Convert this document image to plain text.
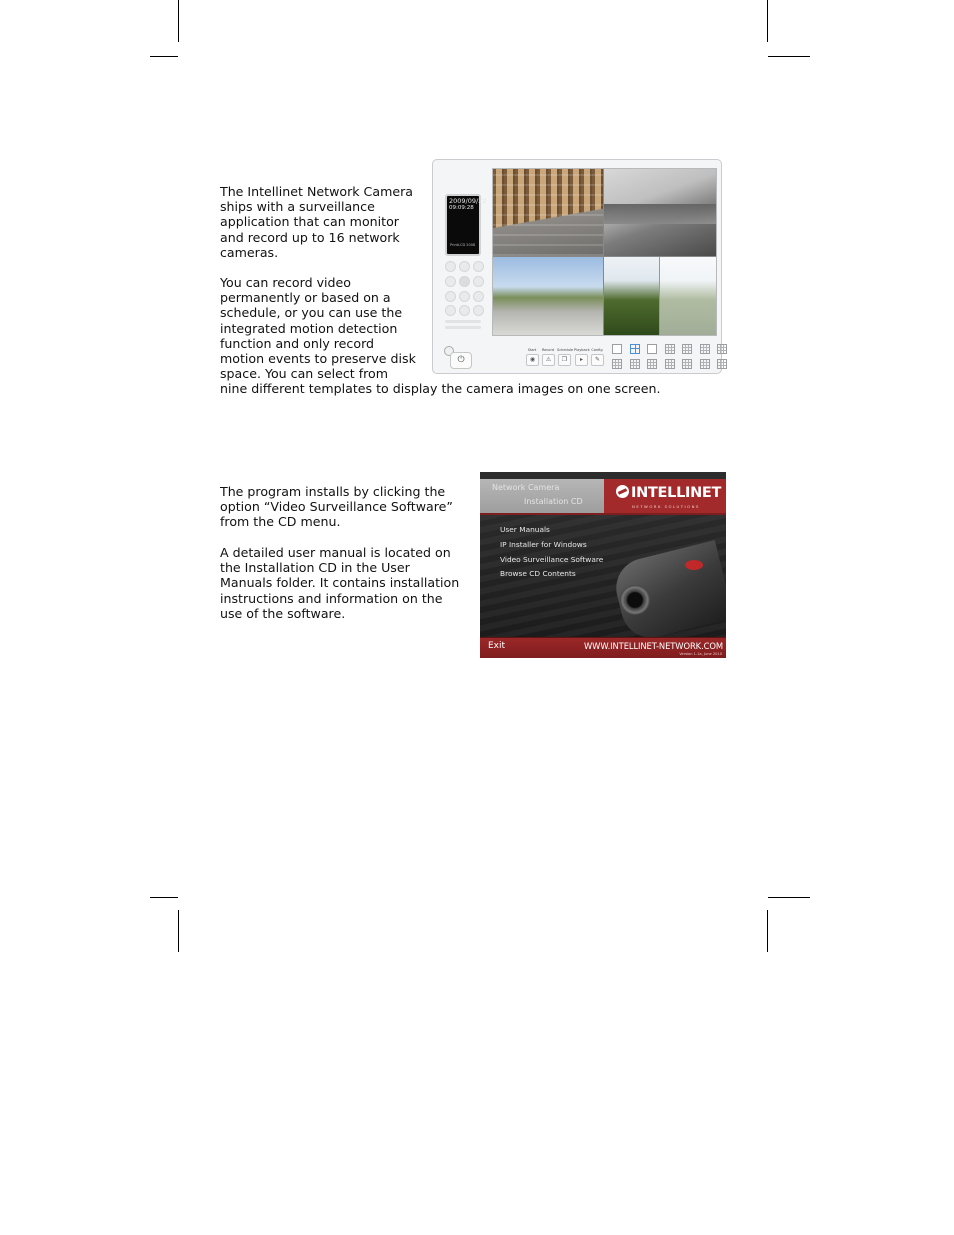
The Intellinet Network Camera
ships with a surveillance
application that can monitor
and record up to 16 network
cameras.

You can record video
permanently or based on a
schedule, or you can use the
integrated motion detection
function and only record
motion events to preserve disk
space. You can select from
nine different templates to display the camera images on one screen.

2009/09/22
09:09:28
PrintLCD 2008
⏻
Start
◉
Record
⚠
Schedule
❐
Playback
▸
Config
✎

The program installs by clicking the
option “Video Surveillance Software”
from the CD menu.

A detailed user manual is located on
the Installation CD in the User
Manuals folder. It contains installation
instructions and information on the
use of the software.

Network Camera
Installation CD
INTELLINET
NETWORK SOLUTIONS
User Manuals
IP Installer for Windows
Video Surveillance Software
Browse CD Contents
Exit	WWW.INTELLINET-NETWORK.COM
Version 1.1a, June 2010
